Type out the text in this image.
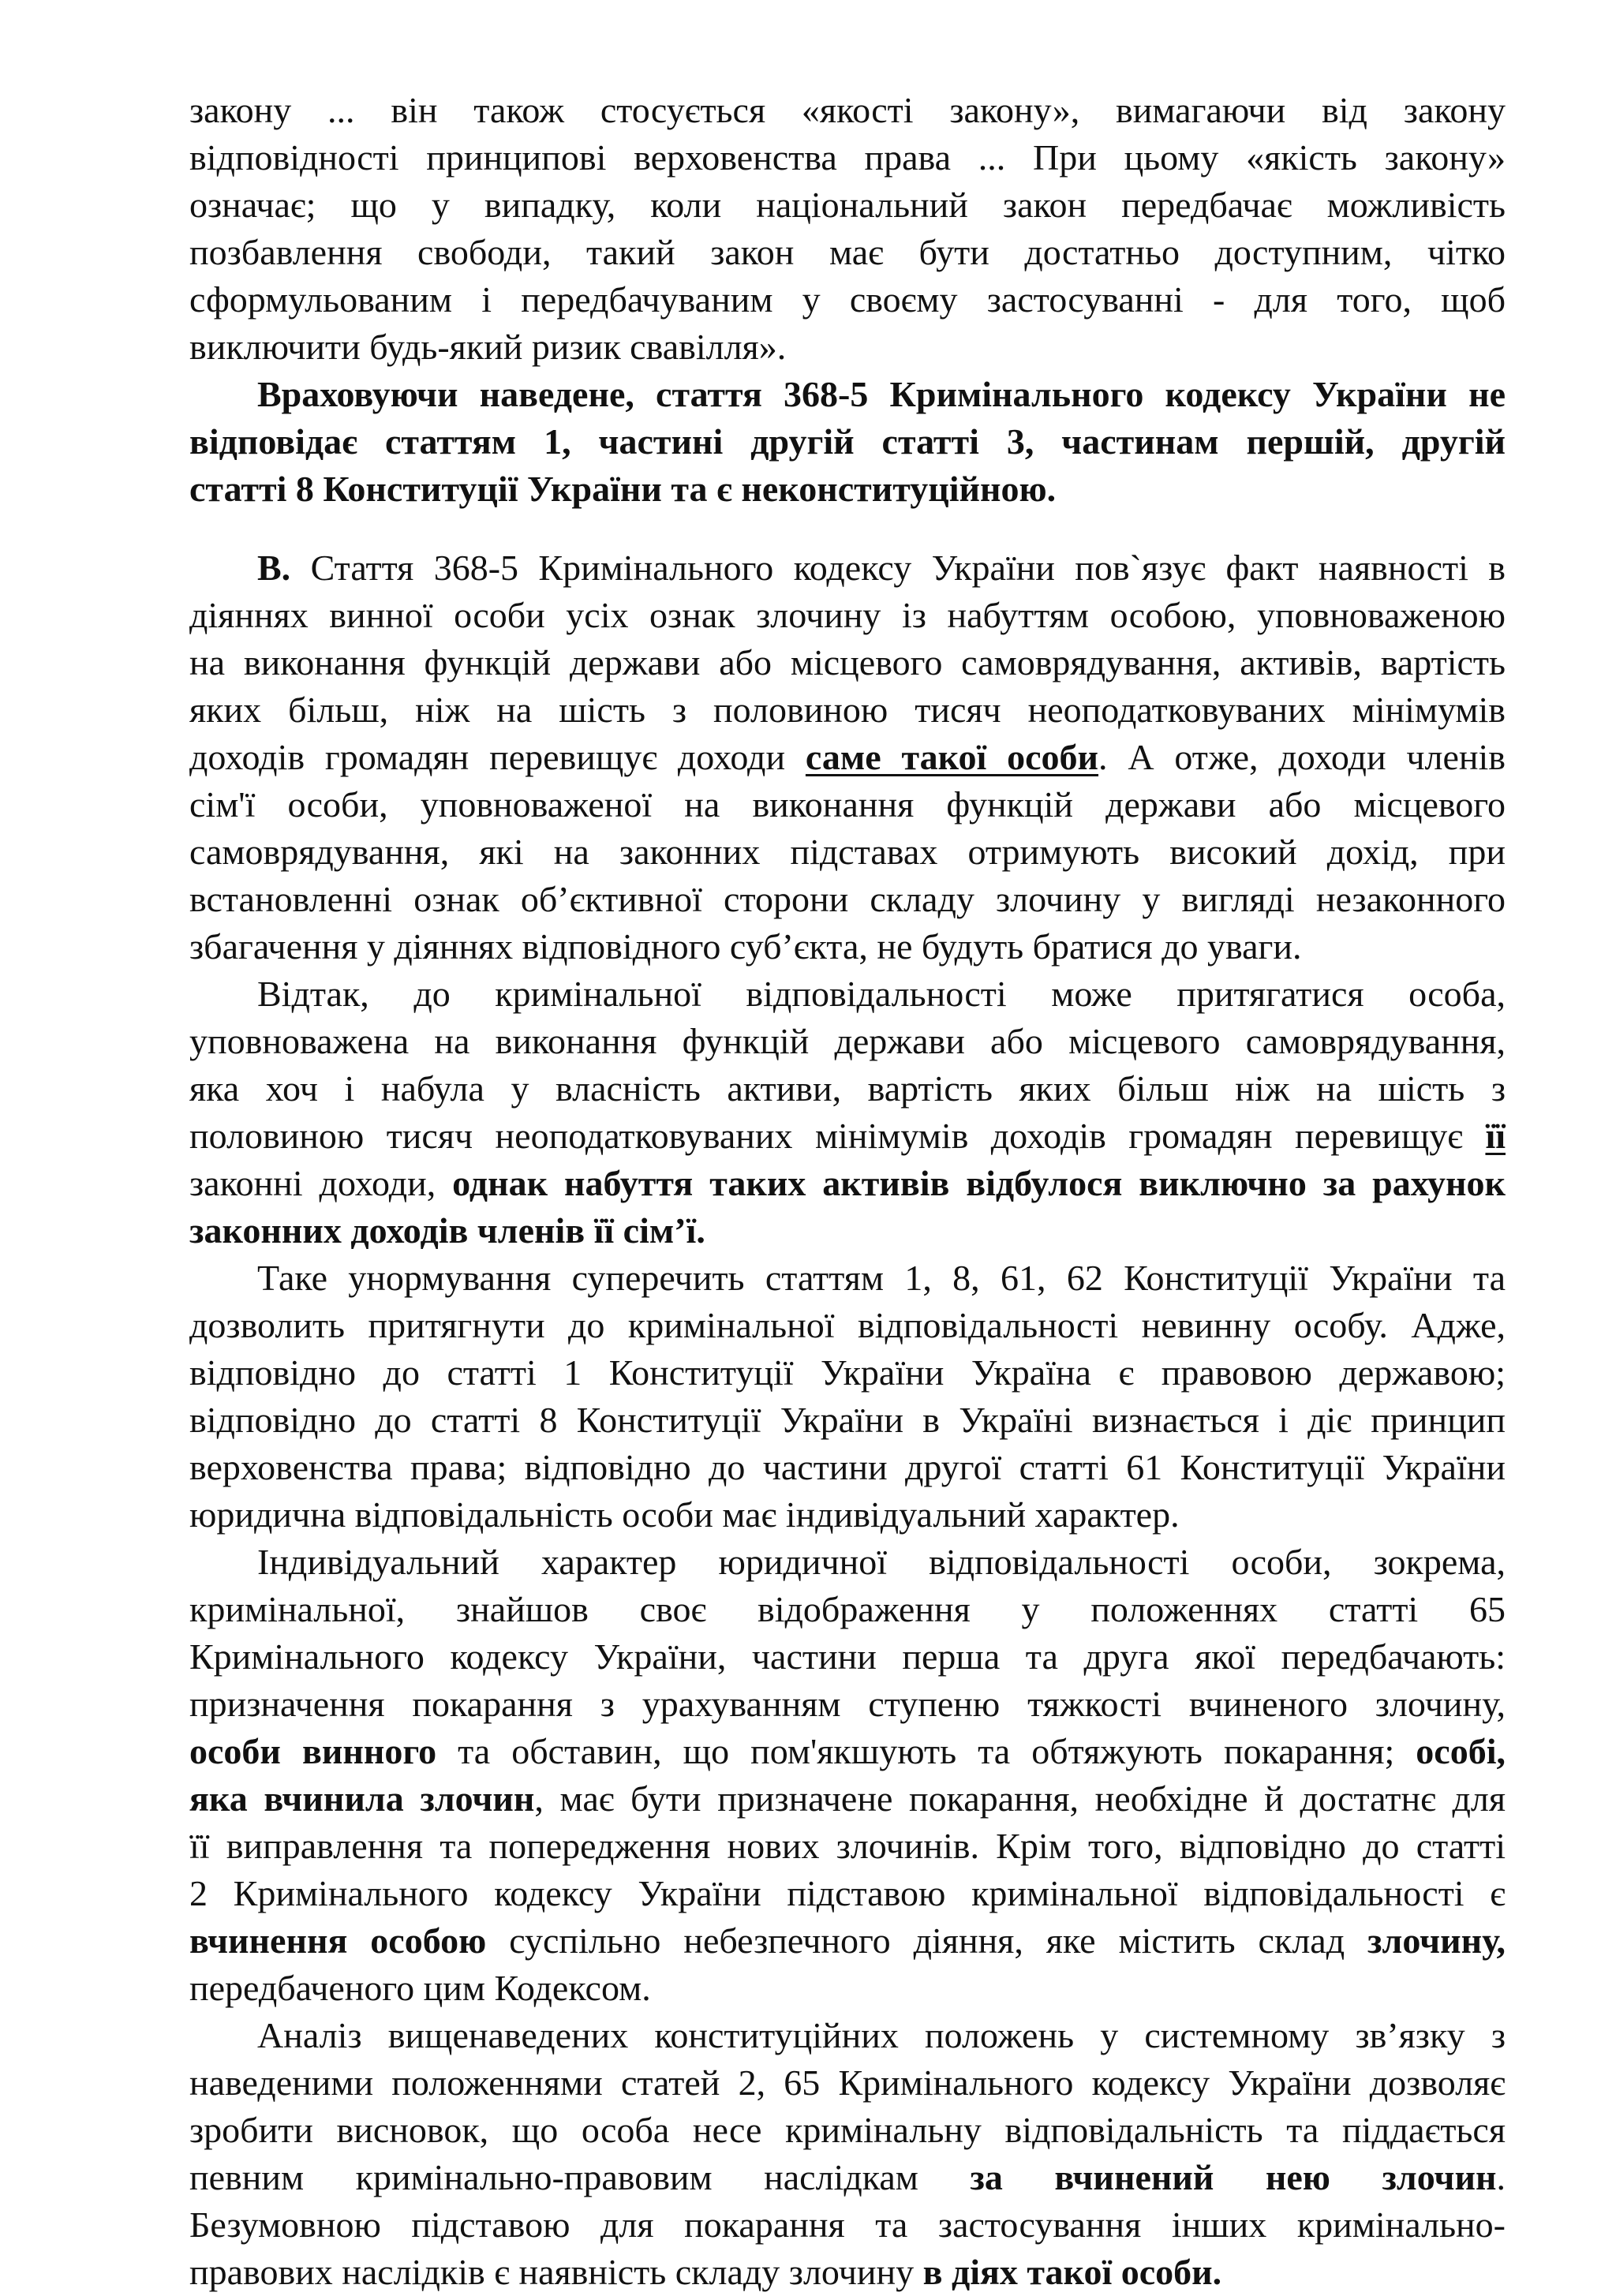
закону ... він також стосується «якості закону», вимагаючи від закону
відповідності принципові верховенства права ... При цьому «якість закону»
означає; що у випадку, коли національний закон передбачає можливість
позбавлення свободи, такий закон має бути достатньо доступним, чітко
сформульованим і передбачуваним у своєму застосуванні - для того, щоб
виключити будь-який ризик свавілля».
Враховуючи наведене, стаття 368-5 Кримінального кодексу України не
відповідає статтям 1, частині другій статті 3, частинам першій, другій
статті 8 Конституції України та є неконституційною.
В. Стаття 368-5 Кримінального кодексу України пов`язує факт наявності в
діяннях винної особи усіх ознак злочину із набуттям особою, уповноваженою
на виконання функцій держави або місцевого самоврядування, активів, вартість
яких більш, ніж на шість з половиною тисяч неоподатковуваних мінімумів
доходів громадян перевищує доходи саме такої особи. А отже, доходи членів
сім'ї особи, уповноваженої на виконання функцій держави або місцевого
самоврядування, які на законних підставах отримують високий дохід, при
встановленні ознак об’єктивної сторони складу злочину у вигляді незаконного
збагачення у діяннях відповідного суб’єкта, не будуть братися до уваги.
Відтак, до кримінальної відповідальності може притягатися особа,
уповноважена на виконання функцій держави або місцевого самоврядування,
яка хоч і набула у власність активи, вартість яких більш ніж на шість з
половиною тисяч неоподатковуваних мінімумів доходів громадян перевищує її
законні доходи, однак набуття таких активів відбулося виключно за рахунок
законних доходів членів її сім’ї.
Таке унормування суперечить статтям 1, 8, 61, 62 Конституції України та
дозволить притягнути до кримінальної відповідальності невинну особу. Адже,
відповідно до статті 1 Конституції України Україна є правовою державою;
відповідно до статті 8 Конституції України в Україні визнається і діє принцип
верховенства права; відповідно до частини другої статті 61 Конституції України
юридична відповідальність особи має індивідуальний характер.
Індивідуальний характер юридичної відповідальності особи, зокрема,
кримінальної, знайшов своє відображення у положеннях статті 65
Кримінального кодексу України, частини перша та друга якої передбачають:
призначення покарання з урахуванням ступеню тяжкості вчиненого злочину,
особи винного та обставин, що пом'якшують та обтяжують покарання; особі,
яка вчинила злочин, має бути призначене покарання, необхідне й достатнє для
її виправлення та попередження нових злочинів. Крім того, відповідно до статті
2 Кримінального кодексу України підставою кримінальної відповідальності є
вчинення особою суспільно небезпечного діяння, яке містить склад злочину,
передбаченого цим Кодексом.
Аналіз вищенаведених конституційних положень у системному зв’язку з
наведеними положеннями статей 2, 65 Кримінального кодексу України дозволяє
зробити висновок, що особа несе кримінальну відповідальність та піддається
певним кримінально-правовим наслідкам за вчинений нею злочин.
Безумовною підставою для покарання та застосування інших кримінально-
правових наслідків є наявність складу злочину в діях такої особи.
